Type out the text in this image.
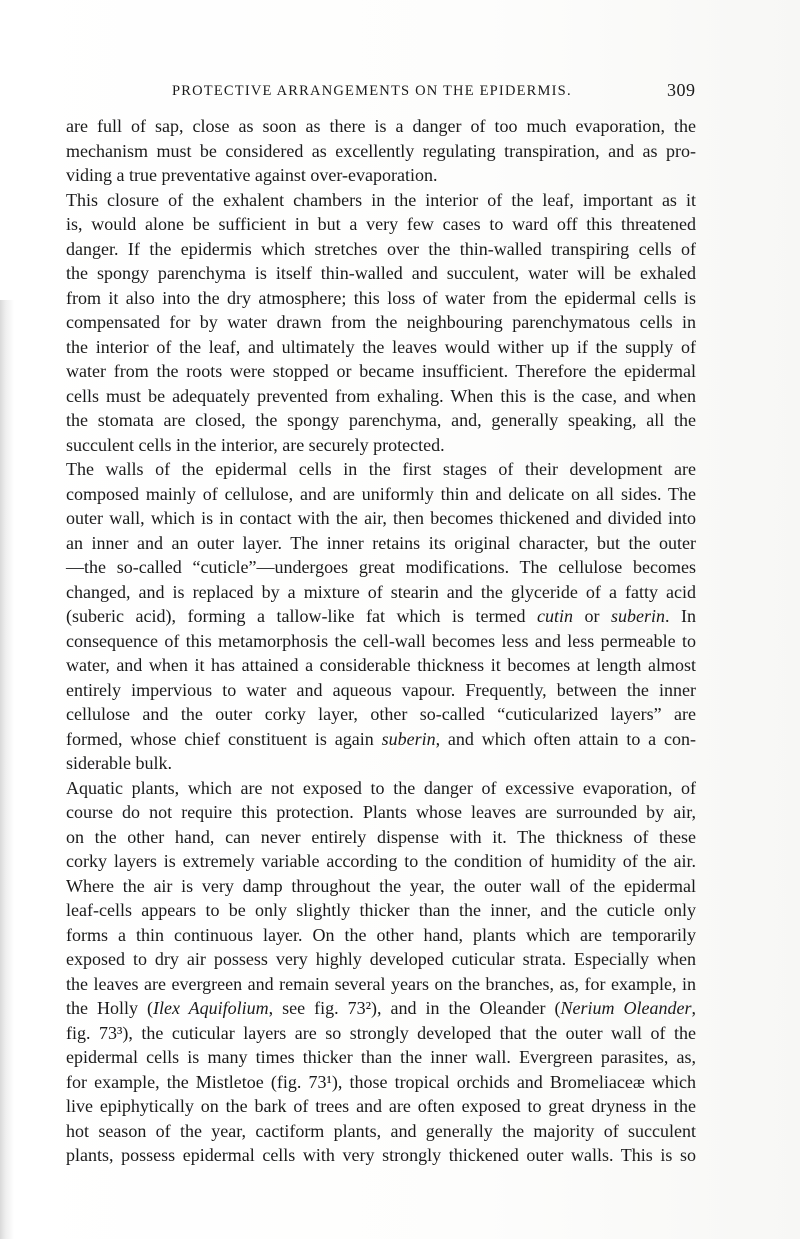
PROTECTIVE ARRANGEMENTS ON THE EPIDERMIS.	309
are full of sap, close as soon as there is a danger of too much evaporation, the
mechanism must be considered as excellently regulating transpiration, and as pro-
viding a true preventative against over-evaporation.
This closure of the exhalent chambers in the interior of the leaf, important as it
is, would alone be sufficient in but a very few cases to ward off this threatened
danger. If the epidermis which stretches over the thin-walled transpiring cells of
the spongy parenchyma is itself thin-walled and succulent, water will be exhaled
from it also into the dry atmosphere; this loss of water from the epidermal cells is
compensated for by water drawn from the neighbouring parenchymatous cells in
the interior of the leaf, and ultimately the leaves would wither up if the supply of
water from the roots were stopped or became insufficient. Therefore the epidermal
cells must be adequately prevented from exhaling. When this is the case, and when
the stomata are closed, the spongy parenchyma, and, generally speaking, all the
succulent cells in the interior, are securely protected.
The walls of the epidermal cells in the first stages of their development are
composed mainly of cellulose, and are uniformly thin and delicate on all sides. The
outer wall, which is in contact with the air, then becomes thickened and divided into
an inner and an outer layer. The inner retains its original character, but the outer
—the so-called “cuticle”—undergoes great modifications. The cellulose becomes
changed, and is replaced by a mixture of stearin and the glyceride of a fatty acid
(suberic acid), forming a tallow-like fat which is termed cutin or suberin. In
consequence of this metamorphosis the cell-wall becomes less and less permeable to
water, and when it has attained a considerable thickness it becomes at length almost
entirely impervious to water and aqueous vapour. Frequently, between the inner
cellulose and the outer corky layer, other so-called “cuticularized layers” are
formed, whose chief constituent is again suberin, and which often attain to a con-
siderable bulk.
Aquatic plants, which are not exposed to the danger of excessive evaporation, of
course do not require this protection. Plants whose leaves are surrounded by air,
on the other hand, can never entirely dispense with it. The thickness of these
corky layers is extremely variable according to the condition of humidity of the air.
Where the air is very damp throughout the year, the outer wall of the epidermal
leaf-cells appears to be only slightly thicker than the inner, and the cuticle only
forms a thin continuous layer. On the other hand, plants which are temporarily
exposed to dry air possess very highly developed cuticular strata. Especially when
the leaves are evergreen and remain several years on the branches, as, for example, in
the Holly (Ilex Aquifolium, see fig. 73²), and in the Oleander (Nerium Oleander,
fig. 73³), the cuticular layers are so strongly developed that the outer wall of the
epidermal cells is many times thicker than the inner wall. Evergreen parasites, as,
for example, the Mistletoe (fig. 73¹), those tropical orchids and Bromeliaceæ which
live epiphytically on the bark of trees and are often exposed to great dryness in the
hot season of the year, cactiform plants, and generally the majority of succulent
plants, possess epidermal cells with very strongly thickened outer walls. This is so
